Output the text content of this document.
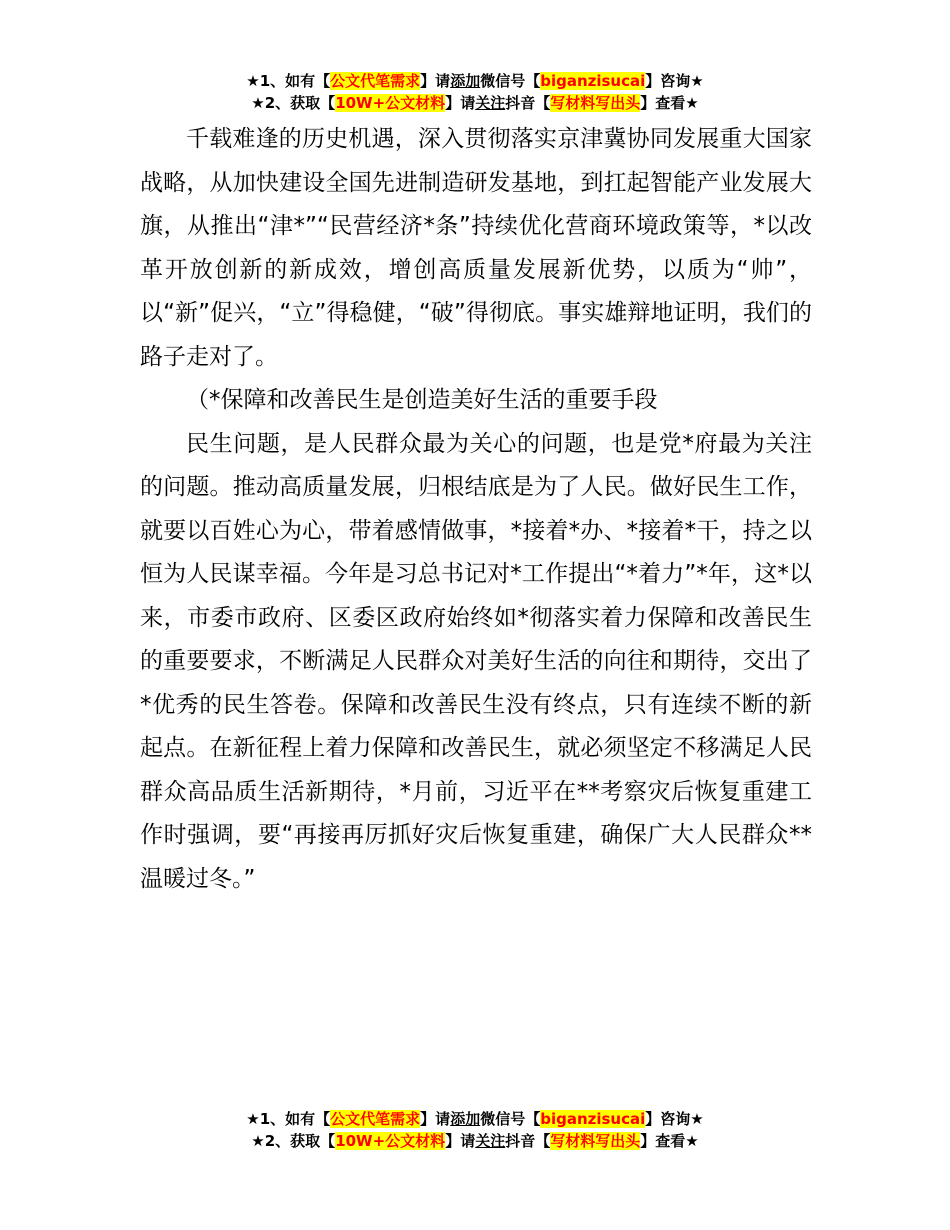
★1、如有【公文代笔需求】请添加微信号【biganzisucai】咨询★
★2、获取【10W+公文材料】请关注抖音【写材料写出头】查看★

千载难逢的历史机遇，深入贯彻落实京津冀协同发展重大国家战略，从加快建设全国先进制造研发基地，到扛起智能产业发展大旗，从推出“津*”“民营经济*条”持续优化营商环境政策等，*以改革开放创新的新成效，增创高质量发展新优势，以质为“帅”，以“新”促兴，“立”得稳健，“破”得彻底。事实雄辩地证明，我们的路子走对了。

（*保障和改善民生是创造美好生活的重要手段

民生问题，是人民群众最为关心的问题，也是党*府最为关注的问题。推动高质量发展，归根结底是为了人民。做好民生工作，就要以百姓心为心，带着感情做事，*接着*办、*接着*干，持之以恒为人民谋幸福。今年是习总书记对*工作提出“*着力”*年，这*以来，市委市政府、区委区政府始终如*彻落实着力保障和改善民生的重要要求，不断满足人民群众对美好生活的向往和期待，交出了*优秀的民生答卷。保障和改善民生没有终点，只有连续不断的新起点。在新征程上着力保障和改善民生，就必须坚定不移满足人民群众高品质生活新期待，*月前，习近平在**考察灾后恢复重建工作时强调，要“再接再厉抓好灾后恢复重建，确保广大人民群众**温暖过冬。”

★1、如有【公文代笔需求】请添加微信号【biganzisucai】咨询★
★2、获取【10W+公文材料】请关注抖音【写材料写出头】查看★
